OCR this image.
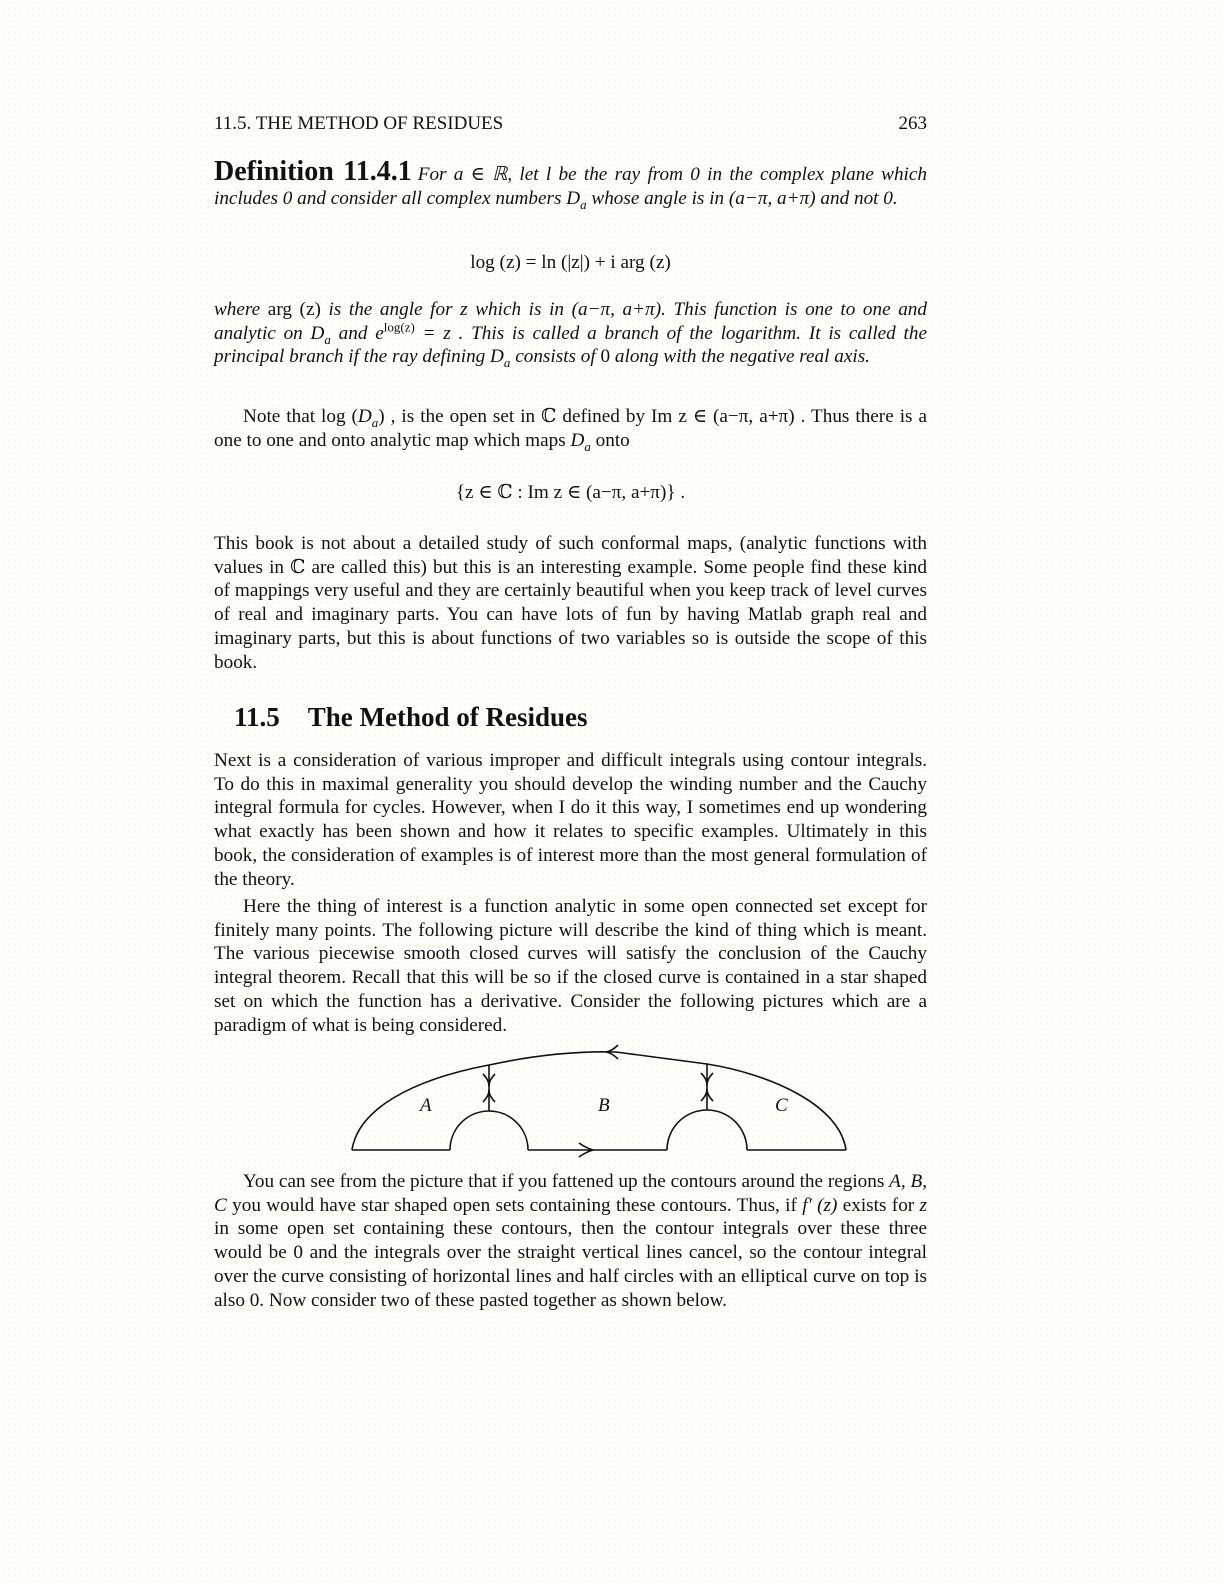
11.5. THE METHOD OF RESIDUES	263
Definition 11.4.1 For a ∈ ℝ, let l be the ray from 0 in the complex plane which includes 0 and consider all complex numbers $D_a$ whose angle is in (a−π, a+π) and not 0.
log (z) = ln (|z|) + i arg (z)
where arg (z) is the angle for z which is in (a−π, a+π). This function is one to one and analytic on $D_a$ and $e^{log(z)} = z$ . This is called a branch of the logarithm. It is called the principal branch if the ray defining $D_a$ consists of 0 along with the negative real axis.
Note that $\log (D_a)$ , is the open set in ℂ defined by Im z ∈ (a−π, a+π) . Thus there is a one to one and onto analytic map which maps $D_a$ onto
{z ∈ ℂ : Im z ∈ (a−π, a+π)} .

This book is not about a detailed study of such conformal maps, (analytic functions with values in ℂ are called this) but this is an interesting example. Some people find these kind of mappings very useful and they are certainly beautiful when you keep track of level curves of real and imaginary parts. You can have lots of fun by having Matlab graph real and imaginary parts, but this is about functions of two variables so is outside the scope of this book.

11.5 The Method of Residues

Next is a consideration of various improper and difficult integrals using contour integrals. To do this in maximal generality you should develop the winding number and the Cauchy integral formula for cycles. However, when I do it this way, I sometimes end up wondering what exactly has been shown and how it relates to specific examples. Ultimately in this book, the consideration of examples is of interest more than the most general formulation of the theory.

Here the thing of interest is a function analytic in some open connected set except for finitely many points. The following picture will describe the kind of thing which is meant. The various piecewise smooth closed curves will satisfy the conclusion of the Cauchy integral theorem. Recall that this will be so if the closed curve is contained in a star shaped set on which the function has a derivative. Consider the following pictures which are a paradigm of what is being considered.

A	B	C
You can see from the picture that if you fattened up the contours around the regions A, B, C you would have star shaped open sets containing these contours. Thus, if f′ (z) exists for z in some open set containing these contours, then the contour integrals over these three would be 0 and the integrals over the straight vertical lines cancel, so the contour integral over the curve consisting of horizontal lines and half circles with an elliptical curve on top is also 0. Now consider two of these pasted together as shown below.
